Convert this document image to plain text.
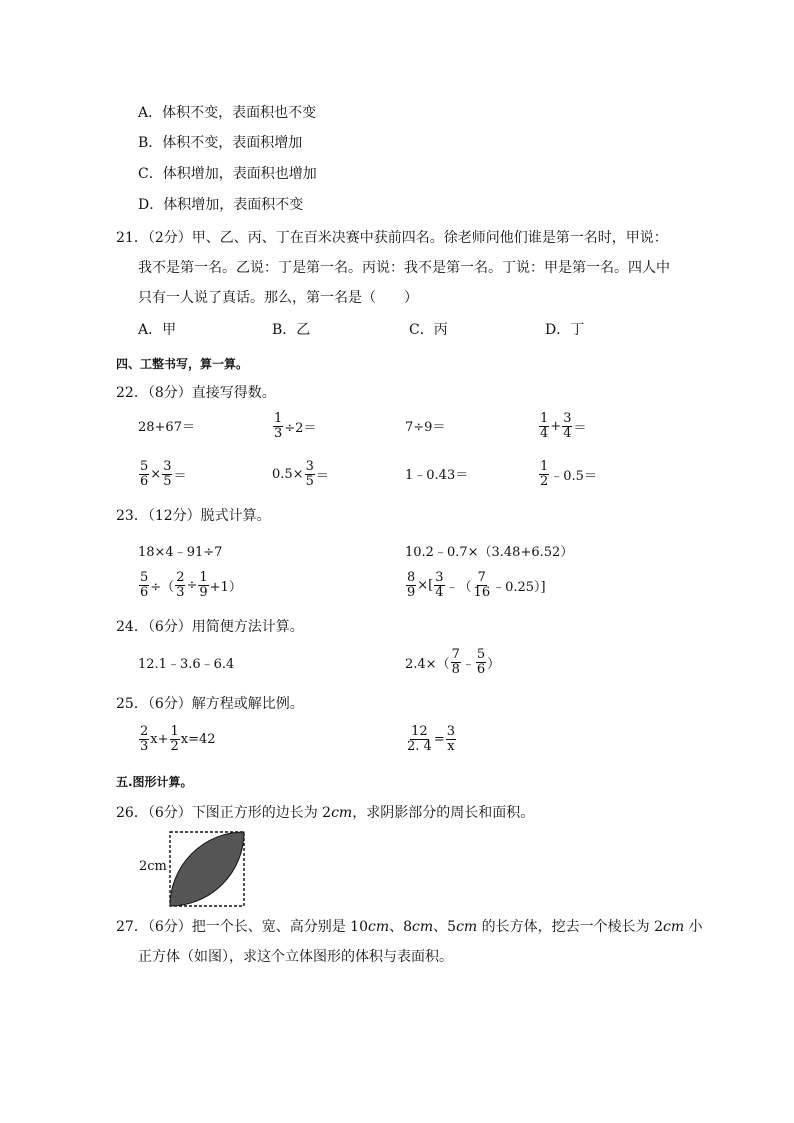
A．体积不变，表面积也不变
B．体积不变，表面积增加
C．体积增加，表面积也增加
D．体积增加，表面积不变
21．（2分）甲、乙、丙、丁在百米决赛中获前四名。徐老师问他们谁是第一名时，甲说：
我不是第一名。乙说：丁是第一名。丙说：我不是第一名。丁说：甲是第一名。四人中
只有一人说了真话。那么，第一名是（　　）
A．甲	B．乙	C．丙	D．丁
四、工整书写，算一算。
22．（8分）直接写得数。
28+67＝	$\frac{1}{3} \div 2=$	7÷9＝	$\frac{1}{4} + \frac{3}{4}$ ＝
$\frac{5}{6} \times \frac{3}{5}$ ＝	$0.5\times \frac{3}{5}$ ＝	1﹣0.43＝	$\frac{1}{2}$ ﹣0.5＝
23．（12分）脱式计算。
18×4﹣91÷7	10.2﹣0.7×（3.48+6.52）
$\frac{5}{6}$ ÷（ $\frac{2}{3} \div \frac{1}{9} +1$）	$\frac{8}{9}$ ×[ $\frac{3}{4}$ ﹣（ $\frac{7}{16}$ ﹣0.25）]
24．（6分）用简便方法计算。
12.1﹣3.6﹣6.4	$2.4\times( \frac{7}{8}$ ﹣ $\frac{5}{6}$ ）
25．（6分）解方程或解比例。
$\frac{2}{3} x+ \frac{1}{2} x=42$	$\frac{12}{2. 4} = \frac{3}{x}$
五.图形计算。
26．（6分）下图正方形的边长为 2cm，求阴影部分的周长和面积。
2cm
27．（6分）把一个长、宽、高分别是 10cm、8cm、5cm 的长方体，挖去一个棱长为 2cm 小
正方体（如图），求这个立体图形的体积与表面积。
